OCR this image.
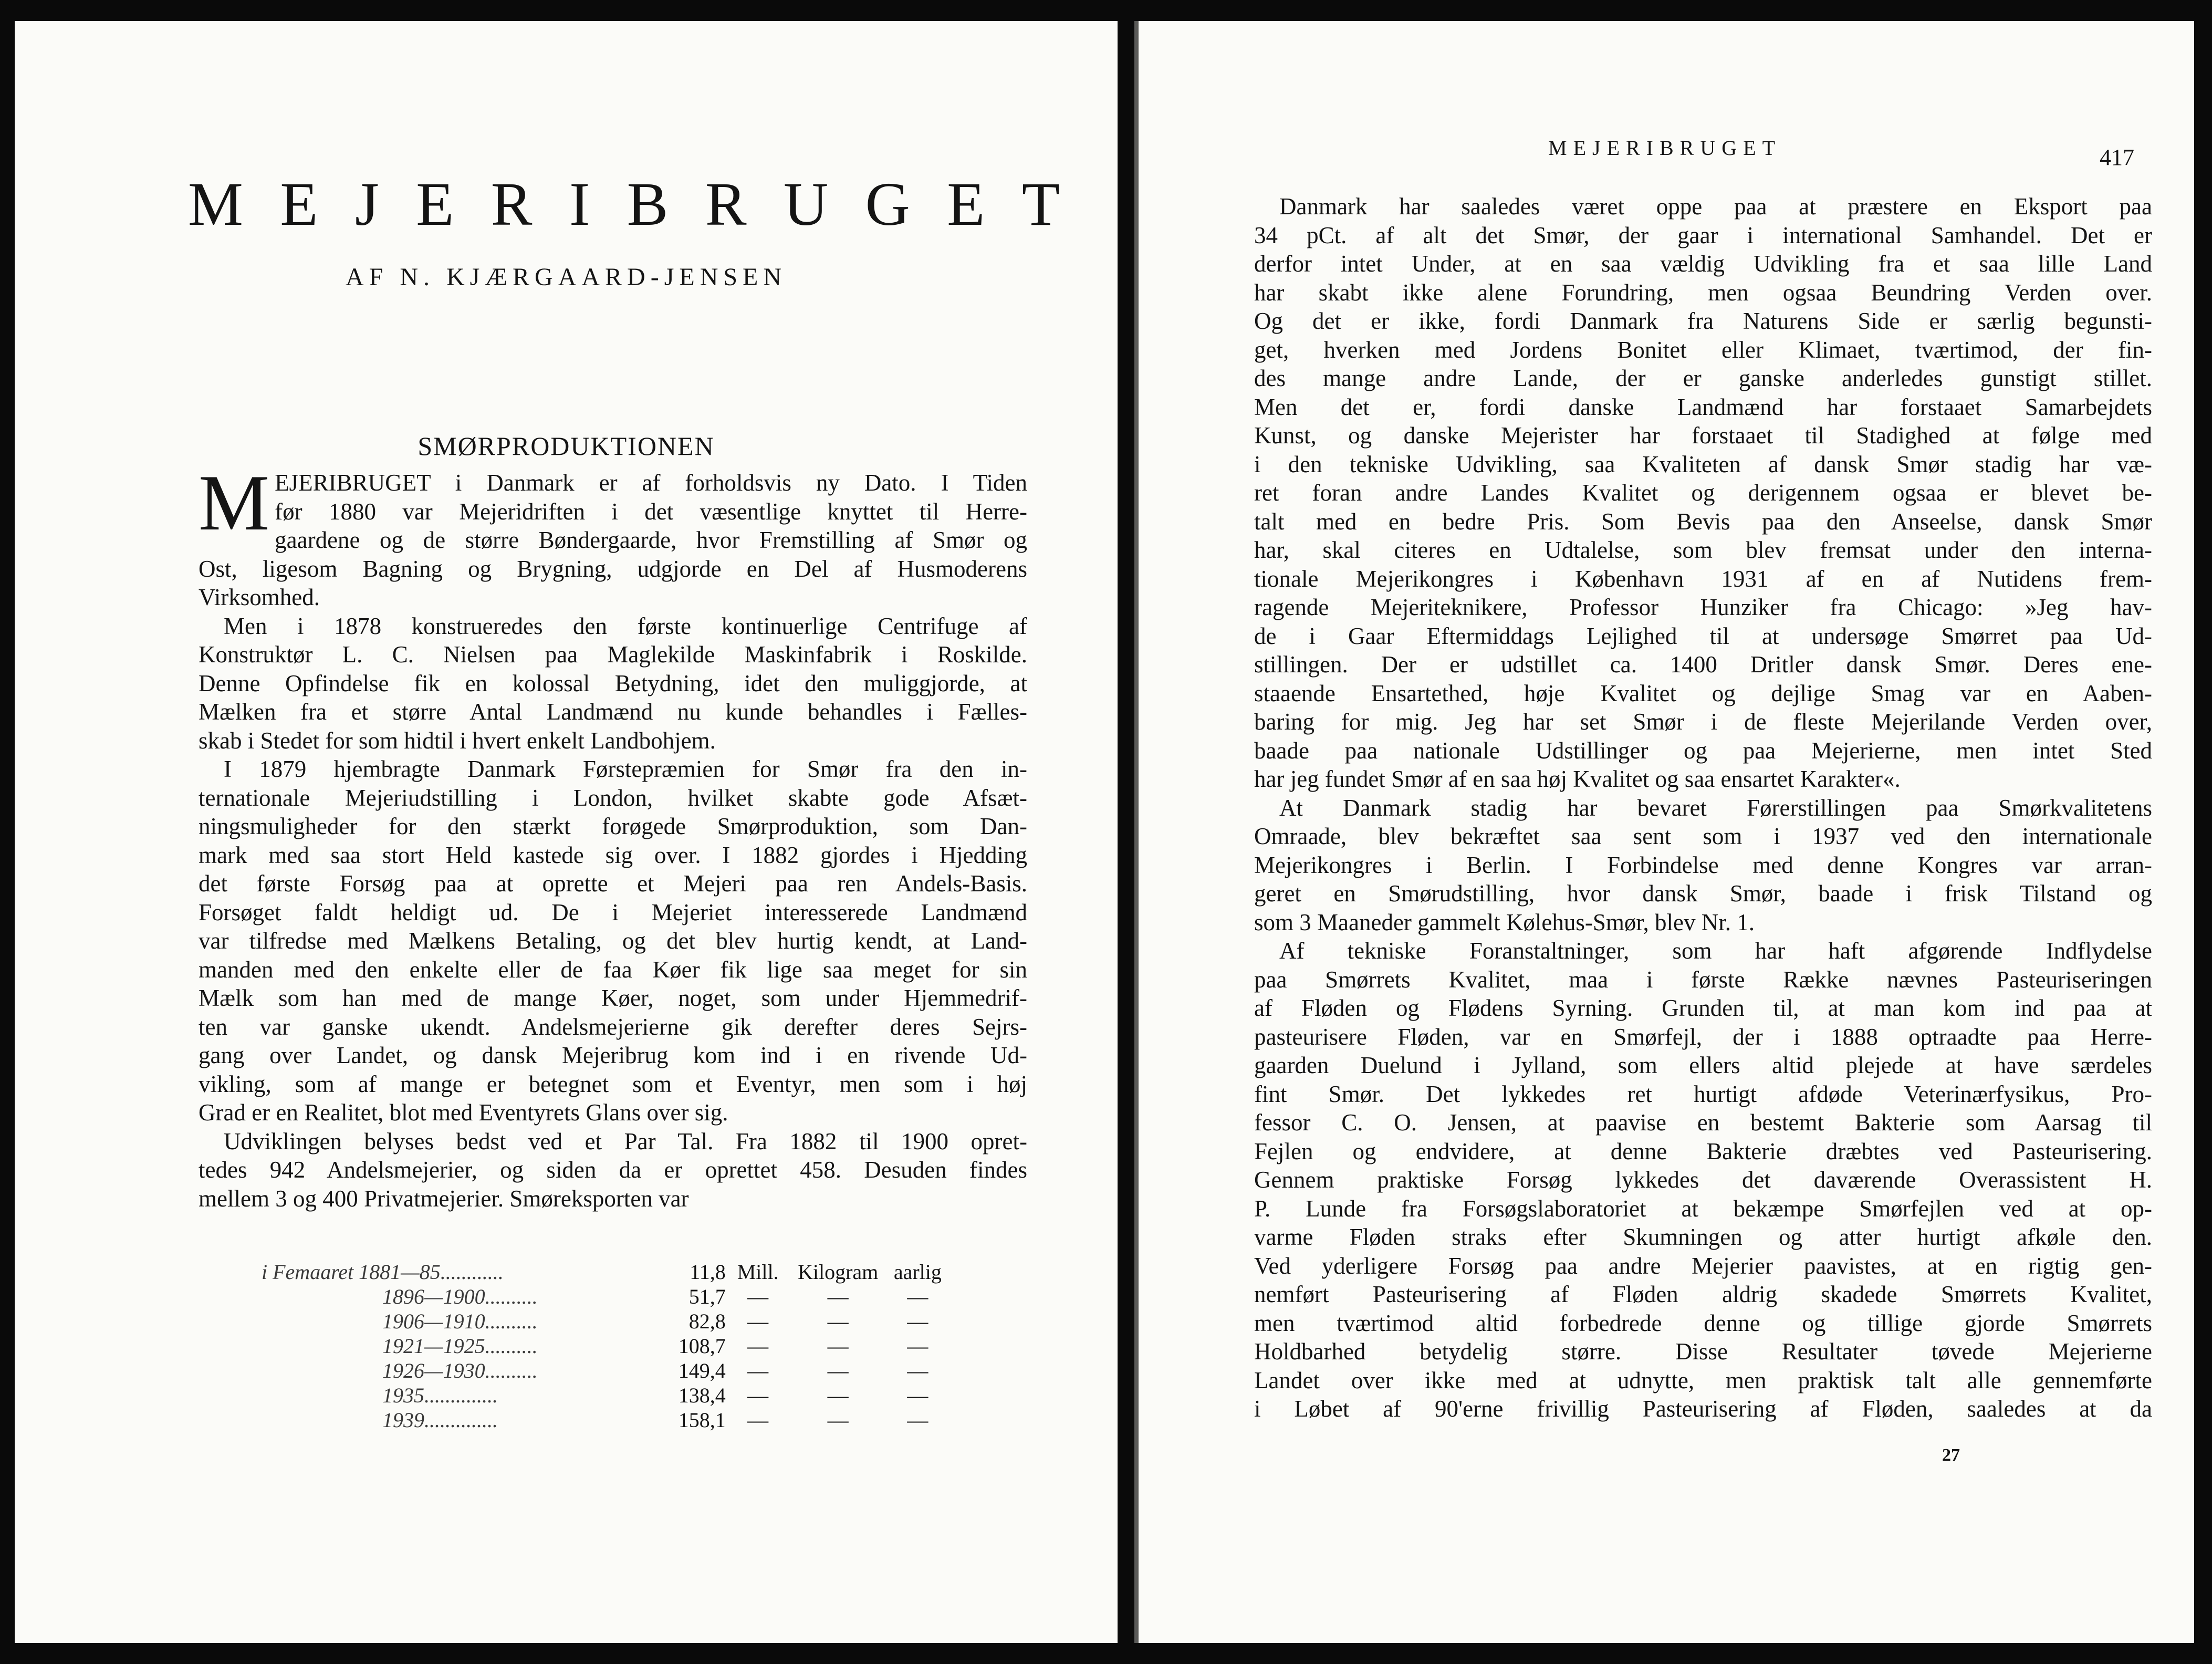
M E J E R I B R U G E T
AF N. KJÆRGAARD-JENSEN
SMØRPRODUKTIONEN
M EJERIBRUGET i Danmark er af forholdsvis ny Dato. I Tiden
før 1880 var Mejeridriften i det væsentlige knyttet til Herre-
gaardene og de større Bøndergaarde, hvor Fremstilling af Smør og
Ost, ligesom Bagning og Brygning, udgjorde en Del af Husmoderens
Virksomhed.
Men i 1878 konstrueredes den første kontinuerlige Centrifuge af
Konstruktør L. C. Nielsen paa Maglekilde Maskinfabrik i Roskilde.
Denne Opfindelse fik en kolossal Betydning, idet den muliggjorde, at
Mælken fra et større Antal Landmænd nu kunde behandles i Fælles-
skab i Stedet for som hidtil i hvert enkelt Landbohjem.
I 1879 hjembragte Danmark Førstepræmien for Smør fra den in-
ternationale Mejeriudstilling i London, hvilket skabte gode Afsæt-
ningsmuligheder for den stærkt forøgede Smørproduktion, som Dan-
mark med saa stort Held kastede sig over. I 1882 gjordes i Hjedding
det første Forsøg paa at oprette et Mejeri paa ren Andels-Basis.
Forsøget faldt heldigt ud. De i Mejeriet interesserede Landmænd
var tilfredse med Mælkens Betaling, og det blev hurtig kendt, at Land-
manden med den enkelte eller de faa Køer fik lige saa meget for sin
Mælk som han med de mange Køer, noget, som under Hjemmedrif-
ten var ganske ukendt. Andelsmejerierne gik derefter deres Sejrs-
gang over Landet, og dansk Mejeribrug kom ind i en rivende Ud-
vikling, som af mange er betegnet som et Eventyr, men som i høj
Grad er en Realitet, blot med Eventyrets Glans over sig.
Udviklingen belyses bedst ved et Par Tal. Fra 1882 til 1900 opret-
tedes 942 Andelsmejerier, og siden da er oprettet 458. Desuden findes
mellem 3 og 400 Privatmejerier. Smøreksporten var
i Femaaret 1881—85............	11,8	Mill.	Kilogram	aarlig
1896—1900..........	51,7	—	—	—
1906—1910..........	82,8	—	—	—
1921—1925..........	108,7	—	—	—
1926—1930..........	149,4	—	—	—
1935..............	138,4	—	—	—
1939..............	158,1	—	—	—
MEJERIBRUGET	417
Danmark har saaledes været oppe paa at præstere en Eksport paa
34 pCt. af alt det Smør, der gaar i international Samhandel. Det er
derfor intet Under, at en saa vældig Udvikling fra et saa lille Land
har skabt ikke alene Forundring, men ogsaa Beundring Verden over.
Og det er ikke, fordi Danmark fra Naturens Side er særlig begunsti-
get, hverken med Jordens Bonitet eller Klimaet, tværtimod, der fin-
des mange andre Lande, der er ganske anderledes gunstigt stillet.
Men det er, fordi danske Landmænd har forstaaet Samarbejdets
Kunst, og danske Mejerister har forstaaet til Stadighed at følge med
i den tekniske Udvikling, saa Kvaliteten af dansk Smør stadig har væ-
ret foran andre Landes Kvalitet og derigennem ogsaa er blevet be-
talt med en bedre Pris. Som Bevis paa den Anseelse, dansk Smør
har, skal citeres en Udtalelse, som blev fremsat under den interna-
tionale Mejerikongres i København 1931 af en af Nutidens frem-
ragende Mejeriteknikere, Professor Hunziker fra Chicago: »Jeg hav-
de i Gaar Eftermiddags Lejlighed til at undersøge Smørret paa Ud-
stillingen. Der er udstillet ca. 1400 Dritler dansk Smør. Deres ene-
staaende Ensartethed, høje Kvalitet og dejlige Smag var en Aaben-
baring for mig. Jeg har set Smør i de fleste Mejerilande Verden over,
baade paa nationale Udstillinger og paa Mejerierne, men intet Sted
har jeg fundet Smør af en saa høj Kvalitet og saa ensartet Karakter«.
At Danmark stadig har bevaret Førerstillingen paa Smørkvalitetens
Omraade, blev bekræftet saa sent som i 1937 ved den internationale
Mejerikongres i Berlin. I Forbindelse med denne Kongres var arran-
geret en Smørudstilling, hvor dansk Smør, baade i frisk Tilstand og
som 3 Maaneder gammelt Kølehus-Smør, blev Nr. 1.
Af tekniske Foranstaltninger, som har haft afgørende Indflydelse
paa Smørrets Kvalitet, maa i første Række nævnes Pasteuriseringen
af Fløden og Flødens Syrning. Grunden til, at man kom ind paa at
pasteurisere Fløden, var en Smørfejl, der i 1888 optraadte paa Herre-
gaarden Duelund i Jylland, som ellers altid plejede at have særdeles
fint Smør. Det lykkedes ret hurtigt afdøde Veterinærfysikus, Pro-
fessor C. O. Jensen, at paavise en bestemt Bakterie som Aarsag til
Fejlen og endvidere, at denne Bakterie dræbtes ved Pasteurisering.
Gennem praktiske Forsøg lykkedes det daværende Overassistent H.
P. Lunde fra Forsøgslaboratoriet at bekæmpe Smørfejlen ved at op-
varme Fløden straks efter Skumningen og atter hurtigt afkøle den.
Ved yderligere Forsøg paa andre Mejerier paavistes, at en rigtig gen-
nemført Pasteurisering af Fløden aldrig skadede Smørrets Kvalitet,
men tværtimod altid forbedrede denne og tillige gjorde Smørrets
Holdbarhed betydelig større. Disse Resultater tøvede Mejerierne
Landet over ikke med at udnytte, men praktisk talt alle gennemførte
i Løbet af 90'erne frivillig Pasteurisering af Fløden, saaledes at da
27
